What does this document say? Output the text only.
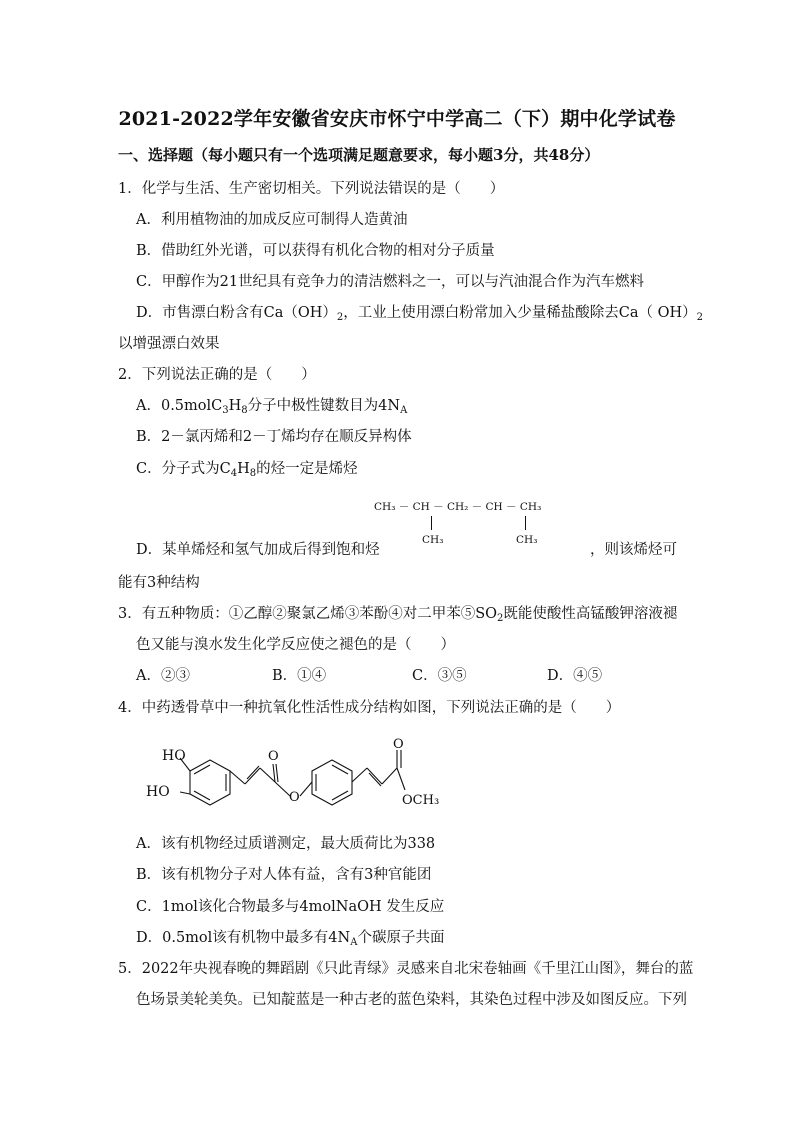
2021-2022学年安徽省安庆市怀宁中学高二（下）期中化学试卷
一、选择题（每小题只有一个选项满足题意要求，每小题3分，共48分）
1．化学与生活、生产密切相关。下列说法错误的是（　　）
A．利用植物油的加成反应可制得人造黄油
B．借助红外光谱，可以获得有机化合物的相对分子质量
C．甲醇作为21世纪具有竞争力的清洁燃料之一，可以与汽油混合作为汽车燃料
D．市售漂白粉含有$Ca(OH)_2$，工业上使用漂白粉常加入少量稀盐酸除去Ca（ $OH)_2$
以增强漂白效果
2．下列说法正确的是（　　）
A．$0.5molC_3H_8$分子中极性键数目为$4N_A$
B．2－氯丙烯和2－丁烯均存在顺反异构体
C．分子式为$C_4H_8$的烃一定是烯烃
CH₃ － CH － CH₂ － CH － CH₃
CH₃	CH₃
D．某单烯烃和氢气加成后得到饱和烃	，则该烯烃可
能有3种结构
3．有五种物质：①乙醇②聚氯乙烯③苯酚④对二甲苯$⑤SO_2$既能使酸性高锰酸钾溶液褪
色又能与溴水发生化学反应使之褪色的是（　　）
A．②③	B．①④	C．③⑤	D．④⑤
4．中药透骨草中一种抗氧化性活性成分结构如图，下列说法正确的是（　　）
HO
HO
O
O
O
OCH₃
A．该有机物经过质谱测定，最大质荷比为338
B．该有机物分子对人体有益，含有3种官能团
C．1mol该化合物最多与4molNaOH 发生反应
D．0.5mol该有机物中最多有$4N_A$个碳原子共面
5．2022年央视春晚的舞蹈剧《只此青绿》灵感来自北宋卷轴画《千里江山图》，舞台的蓝
色场景美轮美奂。已知靛蓝是一种古老的蓝色染料，其染色过程中涉及如图反应。下列
